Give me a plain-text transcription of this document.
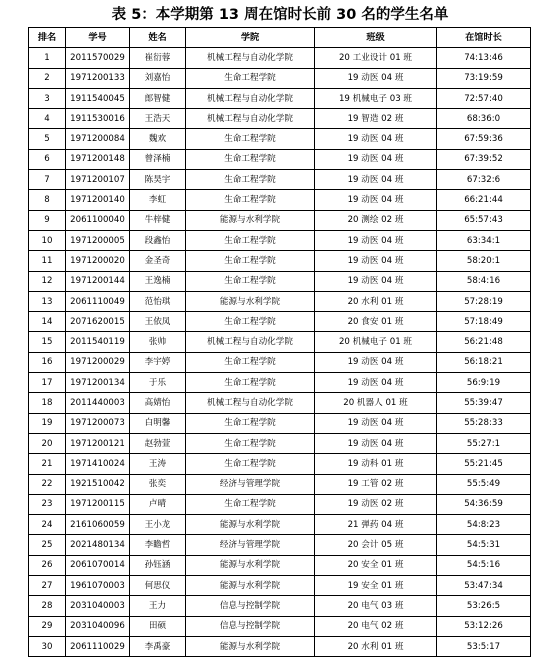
表 5：本学期第 13 周在馆时长前 30 名的学生名单
排名	学号	姓名	学院	班级	在馆时长
1	2011570029	崔衍蓉	机械工程与自动化学院	20 工业设计 01 班	74:13:46
2	1971200133	刘嘉怡	生命工程学院	19 动医 04 班	73:19:59
3	1911540045	郎智健	机械工程与自动化学院	19 机械电子 03 班	72:57:40
4	1911530016	王浩天	机械工程与自动化学院	19 智造 02 班	68:36:0
5	1971200084	魏欢	生命工程学院	19 动医 04 班	67:59:36
6	1971200148	曾泽楠	生命工程学院	19 动医 04 班	67:39:52
7	1971200107	陈昊宇	生命工程学院	19 动医 04 班	67:32:6
8	1971200140	李虹	生命工程学院	19 动医 04 班	66:21:44
9	2061100040	牛梓健	能源与水利学院	20 测绘 02 班	65:57:43
10	1971200005	段鑫怡	生命工程学院	19 动医 04 班	63:34:1
11	1971200020	金圣奇	生命工程学院	19 动医 04 班	58:20:1
12	1971200144	王逸楠	生命工程学院	19 动医 04 班	58:4:16
13	2061110049	范怡琪	能源与水利学院	20 水利 01 班	57:28:19
14	2071620015	王依凤	生命工程学院	20 食安 01 班	57:18:49
15	2011540119	张帅	机械工程与自动化学院	20 机械电子 01 班	56:21:48
16	1971200029	李宇婷	生命工程学院	19 动医 04 班	56:18:21
17	1971200134	于乐	生命工程学院	19 动医 04 班	56:9:19
18	2011440003	高婧怡	机械工程与自动化学院	20 机器人 01 班	55:39:47
19	1971200073	白明馨	生命工程学院	19 动医 04 班	55:28:33
20	1971200121	赵勃萱	生命工程学院	19 动医 04 班	55:27:1
21	1971410024	王涛	生命工程学院	19 动科 01 班	55:21:45
22	1921510042	张奕	经济与管理学院	19 工管 02 班	55:5:49
23	1971200115	卢晴	生命工程学院	19 动医 02 班	54:36:59
24	2161060059	王小龙	能源与水利学院	21 弹药 04 班	54:8:23
25	2021480134	李瞻哲	经济与管理学院	20 会计 05 班	54:5:31
26	2061070014	孙钰涵	能源与水利学院	20 安全 01 班	54:5:16
27	1961070003	何思仪	能源与水利学院	19 安全 01 班	53:47:34
28	2031040003	王力	信息与控制学院	20 电气 03 班	53:26:5
29	2031040096	田硕	信息与控制学院	20 电气 02 班	53:12:26
30	2061110029	李禹豪	能源与水利学院	20 水利 01 班	53:5:17
